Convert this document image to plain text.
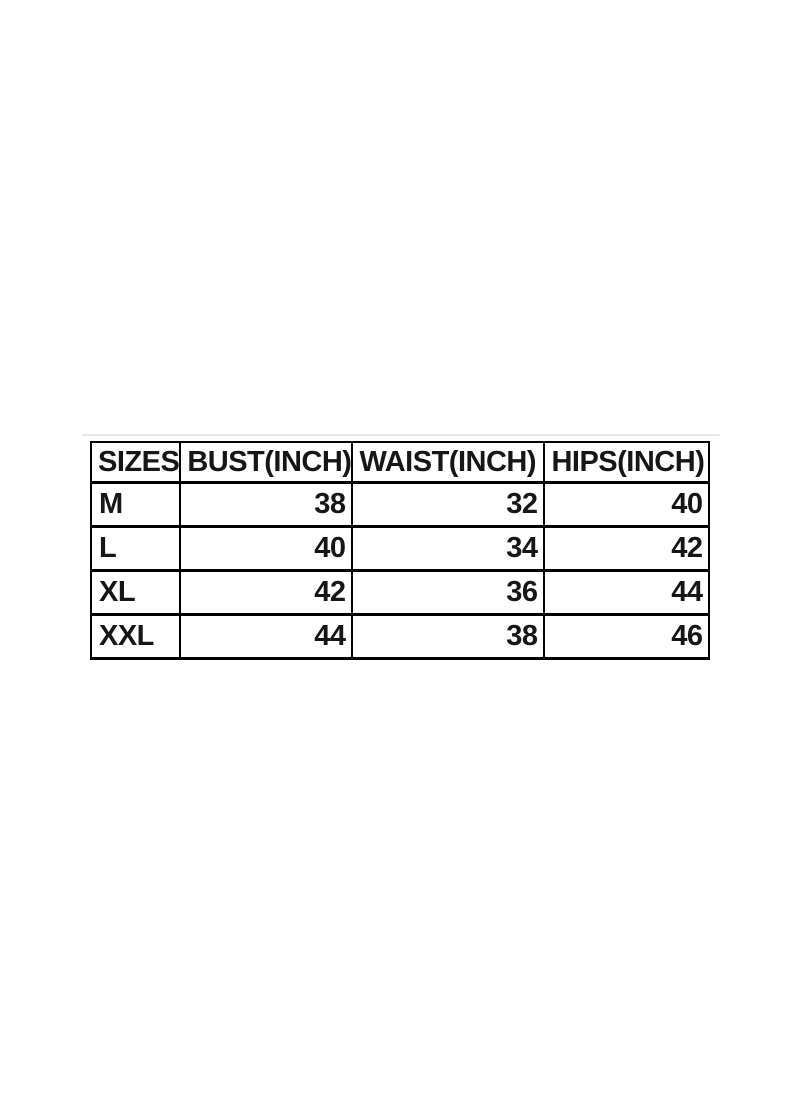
SIZES	BUST(INCH)	WAIST(INCH)	HIPS(INCH)
M	38	32	40
L	40	34	42
XL	42	36	44
XXL	44	38	46
